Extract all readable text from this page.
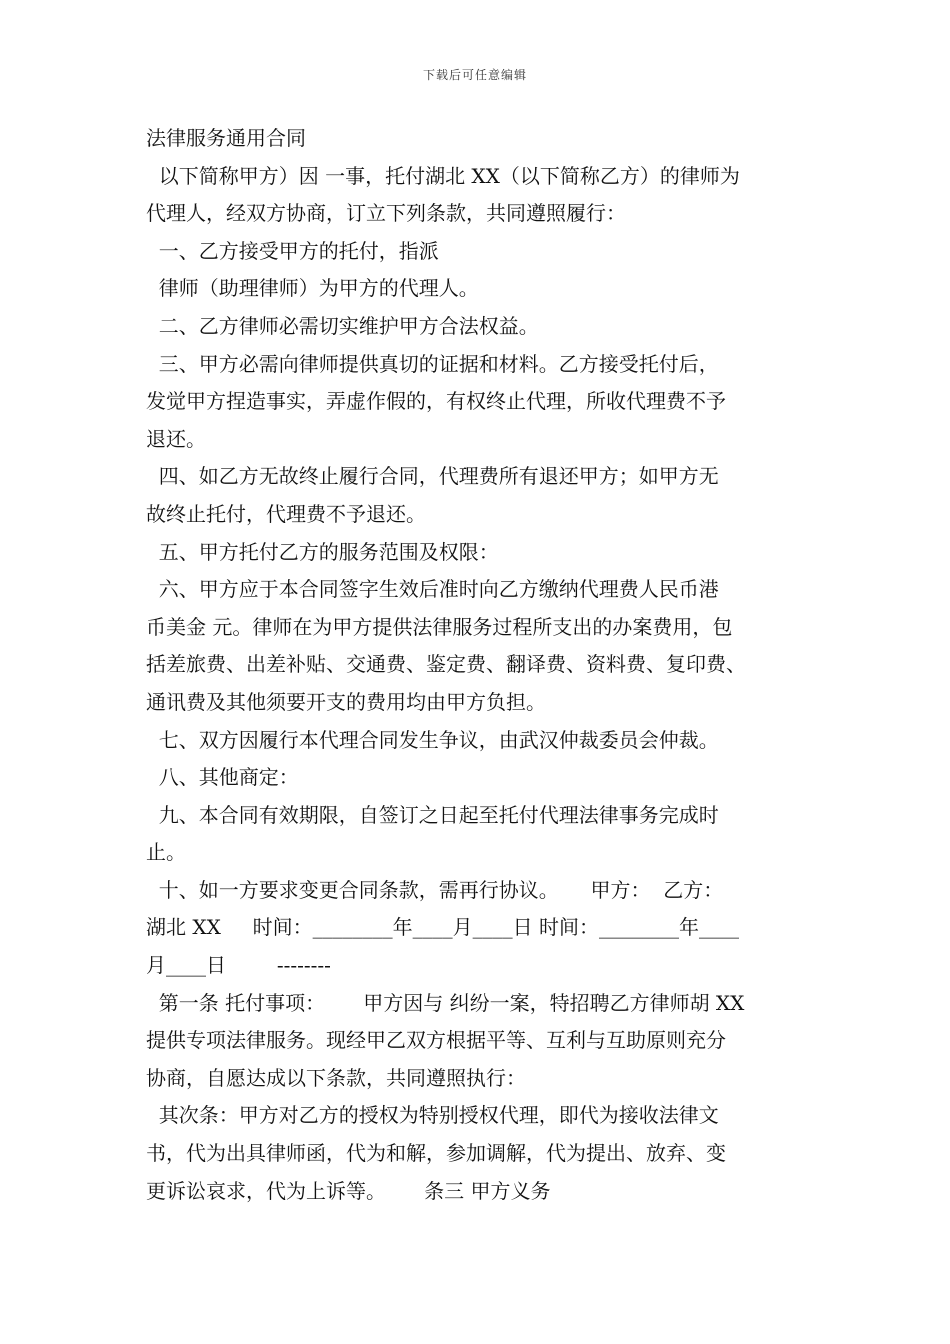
下载后可任意编辑
法律服务通用合同
以下简称甲方）因 一事，托付湖北 XX（以下简称乙方）的律师为
代理人，经双方协商，订立下列条款，共同遵照履行：
一、乙方接受甲方的托付，指派
律师（助理律师）为甲方的代理人。
二、乙方律师必需切实维护甲方合法权益。
三、甲方必需向律师提供真切的证据和材料。乙方接受托付后，
发觉甲方捏造事实，弄虚作假的，有权终止代理，所收代理费不予
退还。
四、如乙方无故终止履行合同，代理费所有退还甲方；如甲方无
故终止托付，代理费不予退还。
五、甲方托付乙方的服务范围及权限：
六、甲方应于本合同签字生效后准时向乙方缴纳代理费人民币港
币美金 元。律师在为甲方提供法律服务过程所支出的办案费用，包
括差旅费、出差补贴、交通费、鉴定费、翻译费、资料费、复印费、
通讯费及其他须要开支的费用均由甲方负担。
七、双方因履行本代理合同发生争议，由武汉仲裁委员会仲裁。
八、其他商定：
九、本合同有效期限，自签订之日起至托付代理法律事务完成时
止。
十、如一方要求变更合同条款，需再行协议。     甲方：  乙方：
湖北 XX     时间：________年____月____日 时间：________年____
月____日        --------
第一条 托付事项：      甲方因与 纠纷一案，特招聘乙方律师胡 XX
提供专项法律服务。现经甲乙双方根据平等、互利与互助原则充分
协商，自愿达成以下条款，共同遵照执行：
其次条：甲方对乙方的授权为特别授权代理，即代为接收法律文
书，代为出具律师函，代为和解，参加调解，代为提出、放弃、变
更诉讼哀求，代为上诉等。      条三 甲方义务
